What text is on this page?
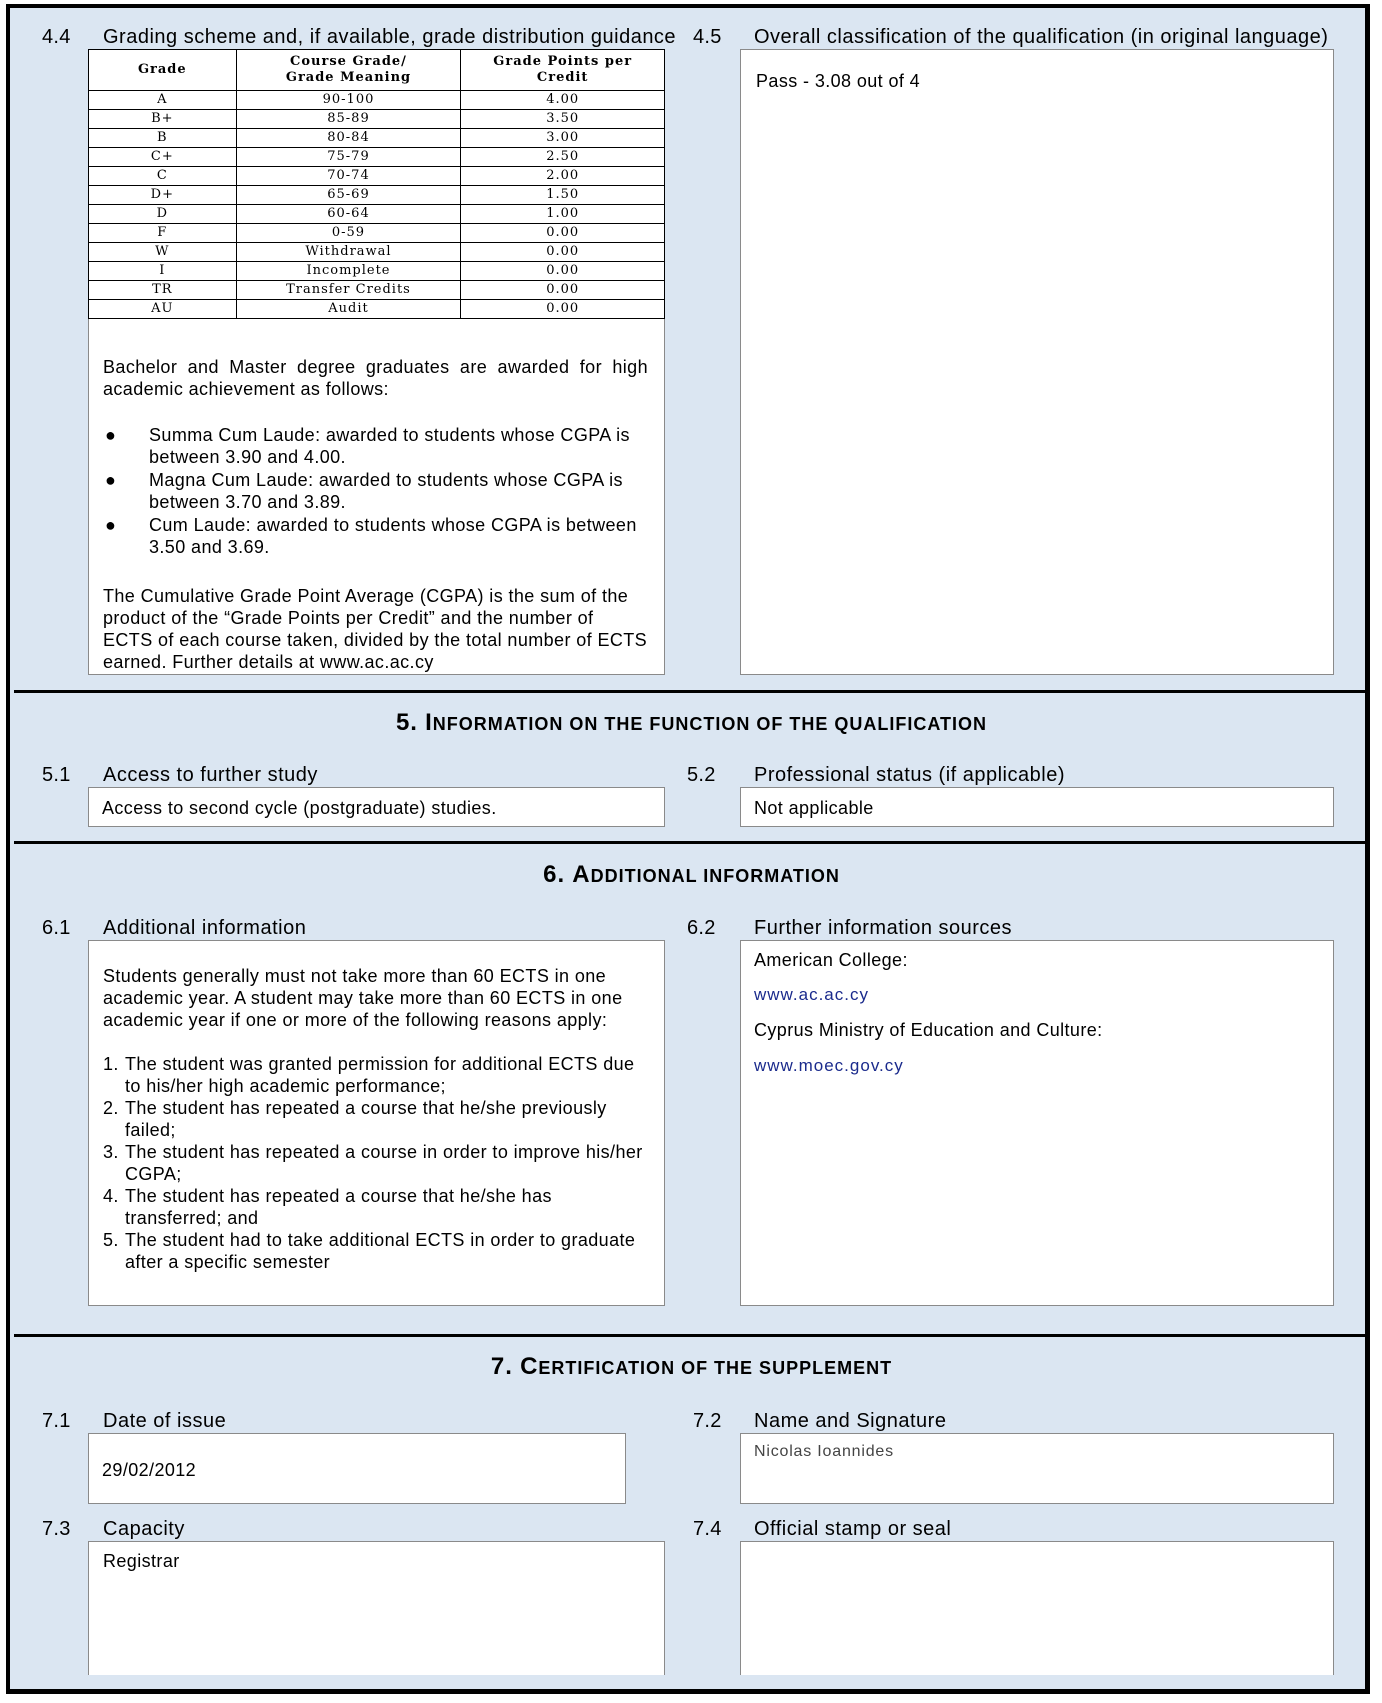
4.4 Grading scheme and, if available, grade distribution guidance
Grade	Course Grade/ Grade Meaning	Grade Points per Credit
A	90-100	4.00
B+	85-89	3.50
B	80-84	3.00
C+	75-79	2.50
C	70-74	2.00
D+	65-69	1.50
D	60-64	1.00
F	0-59	0.00
W	Withdrawal	0.00
I	Incomplete	0.00
TR	Transfer Credits	0.00
AU	Audit	0.00
Bachelor and Master degree graduates are awarded for high academic achievement as follows:
● Summa Cum Laude: awarded to students whose CGPA is between 3.90 and 4.00.
● Magna Cum Laude: awarded to students whose CGPA is between 3.70 and 3.89.
● Cum Laude: awarded to students whose CGPA is between 3.50 and 3.69.
The Cumulative Grade Point Average (CGPA) is the sum of the product of the “Grade Points per Credit” and the number of ECTS of each course taken, divided by the total number of ECTS earned. Further details at www.ac.ac.cy
4.5 Overall classification of the qualification (in original language)
Pass - 3.08 out of 4
5. INFORMATION ON THE FUNCTION OF THE QUALIFICATION
5.1 Access to further study
Access to second cycle (postgraduate) studies.
5.2 Professional status (if applicable)
Not applicable
6. ADDITIONAL INFORMATION
6.1 Additional information
Students generally must not take more than 60 ECTS in one academic year. A student may take more than 60 ECTS in one academic year if one or more of the following reasons apply:
1. The student was granted permission for additional ECTS due to his/her high academic performance;
2. The student has repeated a course that he/she previously failed;
3. The student has repeated a course in order to improve his/her CGPA;
4. The student has repeated a course that he/she has transferred; and
5. The student had to take additional ECTS in order to graduate after a specific semester
6.2 Further information sources
American College:
www.ac.ac.cy
Cyprus Ministry of Education and Culture:
www.moec.gov.cy
7. CERTIFICATION OF THE SUPPLEMENT
7.1 Date of issue
29/02/2012
7.2 Name and Signature
Nicolas Ioannides
7.3 Capacity
Registrar
7.4 Official stamp or seal
